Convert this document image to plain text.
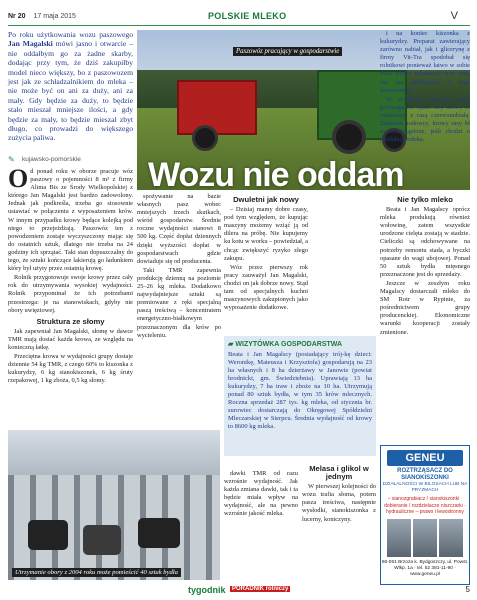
Nr 20 17 maja 2015	POLSKIE MLEKO	V
Po roku użytkowania wozu paszowego Jan Magalski mówi jasno i otwarcie – nie oddałbym go za żadne skarby, dodając przy tym, że dziś zakupiłby model nieco większy, bo z paszowozem jest jak ze schładzalnikiem do mleka – nie może być on ani za duży, ani za mały. Gdy będzie za duży, to będzie stało mieszał mniejsze ilości, a gdy będzie za mały, to będzie mieszał zbyt długo, co prowadzi do większego zużycia paliwa.
✎	kujawsko-pomorskie
Paszowóz pracujący w gospodarstwie
Wozu nie oddam

Od ponad roku w oborze pracuje wóz paszowy o pojemności 8 m³ z firmy Alima Bis ze Środy Wielkopolskiej z którego Jan Magalski jest bardzo zadowolony. Jednak jak podkreśla, trzeba go stosownie ustawiać w połączeniu z wyposażeniem krów. W innym przypadku krowy będące kolejką pod niego to przejeżdżają. Paszowóz ten z powodzeniem zostaje wyczyszczony mając się do ostatnich sztuk, dlatego nie trzeba na 24 godziny ich sprzątać. Taki stan dopuszczalny do tego, że sztuki kończące lakierują go ładunkiem który był użyty przez ostatnią krowę.

Rolnik przygotowuje swoje krowy przez cały rok do utrzymywania wysokiej wydajności. Rolnik przypominał że ich potrzebami przestrzega: je na stanowiskach, gdyby nie obory uwięziowej.

Struktura ze słomy

Jak zapewniał Jan Magalski, słomę w dawce TMR mają dostać każda krowa, ze względu na konieczną łatkę.

Przeciętna krowa w wydajności grupy dostaje dziennie 54 kg TMR, z czego 60% to kiszonka z kukurydzy, 6 kg sianokiszonek, 6 kg śruty rzepakowej, 1 kg zboża, 0,5 kg słomy.

spożywanie na bazie własnych pasz wobec mniejszych trzech skutkach, wśród gospodarstw. Średnie roczne wydajności stanowi 8 500 kg. Część dopłat dziennych dzięki wyższości dopłat w gospodarstwach gdzie dowiaduje się od producenta.

Taki TMR zapewnia produkcję dzienną na poziomie 25–26 kg mleka. Dodatkowo najwydajniejsze sztuki są premiowane z ręki specjalną paszą treściwą – koncentratem energetyczno-białkowym przeznaczonym dla krów po wycieleniu.

Dwuletni jak nowy

– Dzisiaj mamy dobre czasy, pod tym względem, że kupując maszyny możemy wziąć ją od dilera na próbę. Nie kupujemy ku kotu w worku – powiedział, a chcąc zwiększyć ryzyko złego zakupu.

Wóz przez pierwszy rok pracy zauważył Jan Magalski, chodzi on jak dobrze nowy. Stąd tam od specjalnych kuchni maszynowych zakupionych jako wyposażenie dodatkowe.

i na koniec kiszonka z kukurydzy. Preparat zawierający zarówno nabiał, jak i glicerynę z firmy Vit-Tra spodobał się rolnikowi ponieważ łatwo w sobie dwie ważne substancje oraz zimą nie ma problemów z jego konsystencją.

W strukturze nowości stada przewaga bf. Tylko trzy krowy to mieszańce z rasą czerwonobiałą. Zdaniem hodowcy, krowy rasy hf są niezastąpione, jeśli chodzi o produkcję mleka.

Nie tylko mleko

Beata i Jan Magalscy oprócz mleka produkują również wołowinę, zatem wszystkie urodzone cielęta zostają w stadzie. Cieliczki są odchowywane na potrzeby remontu stada, a byczki opasane do wagi ubojowej. Ponad 50 sztuk bydła mięsnego przeznaczone jest do sprzedaży.

Jeszcze w zeszłym roku Magalscy dostarczali mleko do SM Rotr w Rypinie, za pośrednictwem grupy producenckiej. Ekonomiczne warunki kooperacji zostały zmienione.

▰ WIZYTÓWKA GOSPODARSTWA
Beata i Jan Magalscy (posiadający trój-kę dzieci: Weronikę, Mateusza i Krzysztofa) gospodarują na 23 ha własnych i 8 ha dzierżawy w Janowie (powiat brodnicki, gm. Świedziebnia). Uprawiają 13 ha kukurydzy, 7 ha traw i zboże na 10 ha. Utrzymują ponad 80 sztuk bydła, w tym 35 krów mlecznych. Roczna sprzedaż 287 tys. kg mleka, od stycznia br. surowiec dostarczają do Okręgowej Spółdzielni Mleczarskiej w Sierpcu. Średnia wydajność od krowy to 8600 kg mleka.
Utrzymanie obory z 2004 roku może pomieścić 40 sztuk bydła

dawki TMR od razu wzrośnie wydajność. Jak każda zmiana dawki, tak i ta będzie miała wpływ na wydajność, ale na pewno wzrośnie jakość mleka.

Melasa i glikol w jednym

W pierwszej kolejności do wozu trafia słoma, potem pasza treściwa, następnie wysłodki, sianokiszonka z lucerny, koniczyny.

GENEU
ROZTRZĄSACZ DO SIANOKISZONKI
DZIAŁALNOŚCI W BILOSACH LUB NA PRYZMACH
– sianozgrabiacz / sianokiszonki · dobieranie / rozdzielacze niszczarki · hydrauliczne – prawo i lewostronny
86-061 Brzoza k. Bydgoszczy, ul. Powst. Wlkp. 1a · tel. 52 381-11-90 · www.geneu.pl
tygodnik	PORADNIK rolniczy	5
